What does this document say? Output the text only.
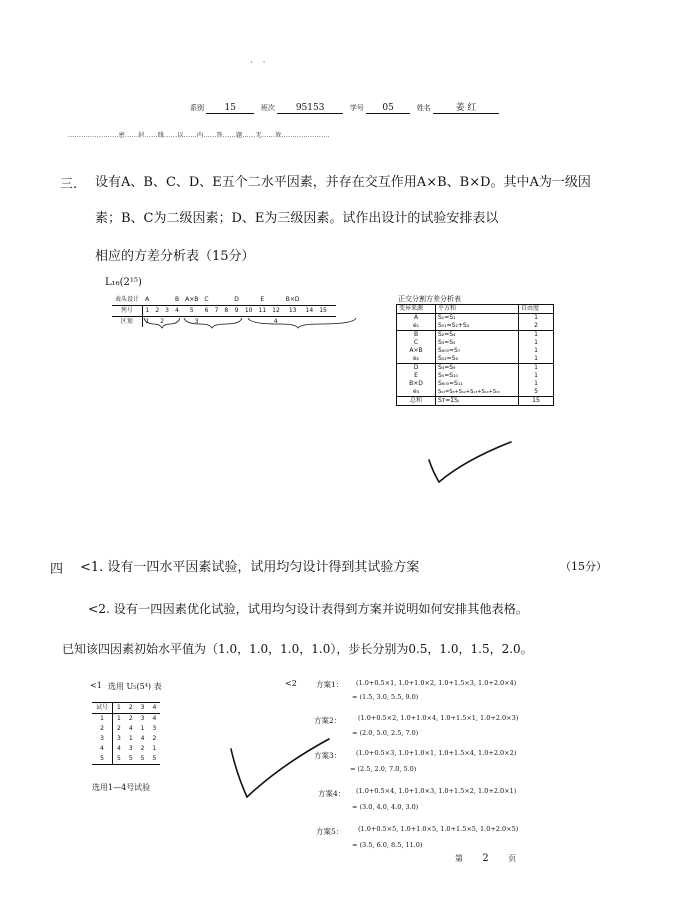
·    ·
系别 15	班次 95153	学号 05	姓名	姜 红
.......................密......封......线......以......内......答......题......无......效......................
三. 设有A、B、C、D、E五个二水平因素，并存在交互作用A×B、B×D。其中A为一级因
素；B、C为二级因素；D、E为三级因素。试作出设计的试验安排表以
相应的方差分析表（15分）
L₁₆(2¹⁵)
表头设计	A			B	A×B	C			D		E		B×D			
列号	1	2	3	4	5	6	7	8	9	10	11	12	13	14	15	
区划	1	2		3				4								
正交分割方差分析表
变异来源	平方和	自由度
A	S₁=S₁	1
e₁	S₀₁=S₂+S₃	2
B	S₂=S₄	1
C	S₃=S₅	1
A×B	S₆₀₀=S₇	1
e₂	S₀₂=S₆	1
D	S₄=S₉	1
E	S₅=S₁₀	1
B×D	S₆₀₀=S₁₁	1
e₃	S₀₃=S₈+S₁₂+S₁₃+S₁₄+S₁₅	5
总和	Sᴛ=ΣSⱼ	15
四 <1. 设有一四水平因素试验，试用均匀设计得到其试验方案	（15分）
<2. 设有一四因素优化试验，试用均匀设计表得到方案并说明如何安排其他表格。
已知该四因素初始水平值为（1.0，1.0，1.0，1.0），步长分别为0.5，1.0，1.5，2.0。
<1 选用 U₅(5⁴) 表
试号	1	2	3	4
1	1	2	3	4
2	2	4	1	3
3	3	1	4	2
4	4	3	2	1
5	5	5	5	5
选用1—4号试验
<2	方案1： (1.0+0.5×1, 1.0+1.0×2, 1.0+1.5×3, 1.0+2.0×4)
= (1.5, 3.0, 5.5, 9.0)
方案2：	(1.0+0.5×2, 1.0+1.0×4, 1.0+1.5×1, 1.0+2.0×3)
= (2.0, 5.0, 2.5, 7.0)
方案3： (1.0+0.5×3, 1.0+1.0×1, 1.0+1.5×4, 1.0+2.0×2)
= (2.5, 2.0, 7.0, 5.0)
方案4： (1.0+0.5×4, 1.0+1.0×3, 1.0+1.5×2, 1.0+2.0×1)
= (3.0, 4.0, 4.0, 3.0)
方案5： (1.0+0.5×5, 1.0+1.0×5, 1.0+1.5×5, 1.0+2.0×5)
= (3.5, 6.0, 8.5, 11.0)
第 2 页
